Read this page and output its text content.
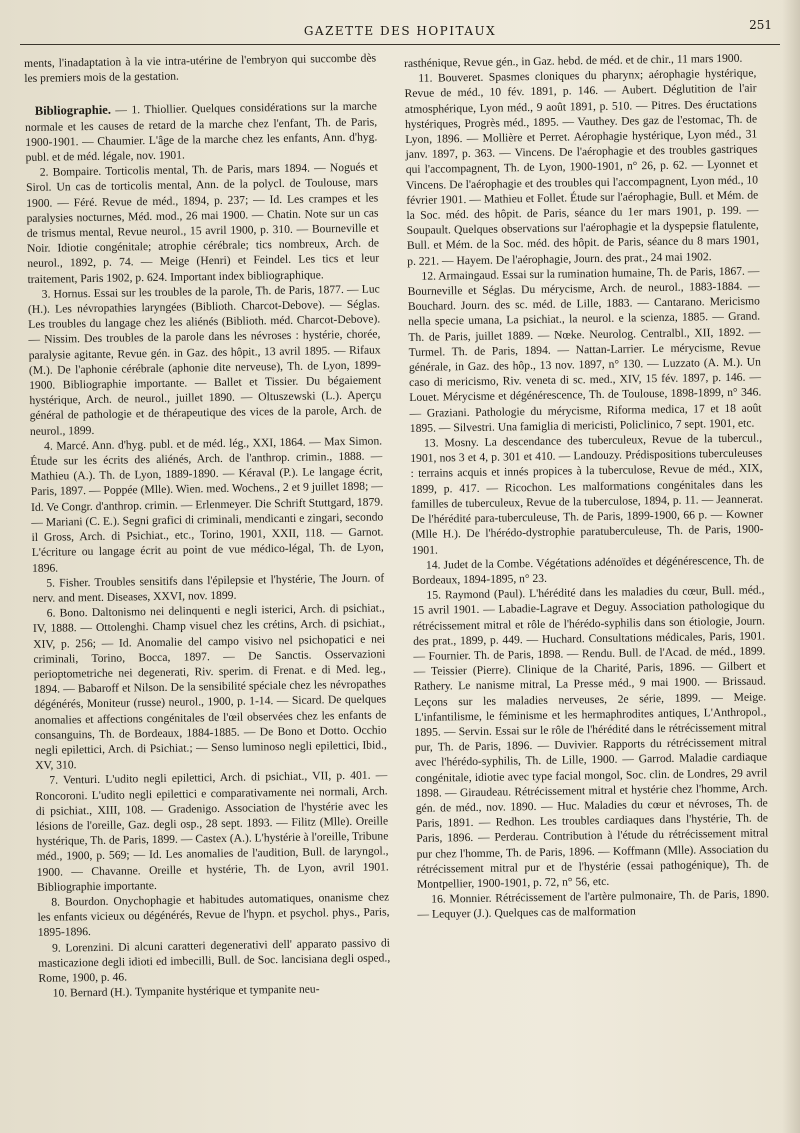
GAZETTE DES HOPITAUX	251

ments, l'inadaptation à la vie intra-utérine de l'embryon qui succombe dès les premiers mois de la gestation.

Bibliographie. — 1. Thiollier. Quelques considérations sur la marche normale et les causes de retard de la marche chez l'enfant, Th. de Paris, 1900-1901. — Chaumier. L'âge de la marche chez les enfants, Ann. d'hyg. publ. et de méd. légale, nov. 1901.

2. Bompaire. Torticolis mental, Th. de Paris, mars 1894. — Nogués et Sirol. Un cas de torticolis mental, Ann. de la polycl. de Toulouse, mars 1900. — Féré. Revue de méd., 1894, p. 237; — Id. Les crampes et les paralysies nocturnes, Méd. mod., 26 mai 1900. — Chatin. Note sur un cas de trismus mental, Revue neurol., 15 avril 1900, p. 310. — Bourneville et Noir. Idiotie congénitale; atrophie cérébrale; tics nombreux, Arch. de neurol., 1892, p. 74. — Meige (Henri) et Feindel. Les tics et leur traitement, Paris 1902, p. 624. Important index bibliographique.

3. Hornus. Essai sur les troubles de la parole, Th. de Paris, 1877. — Luc (H.). Les névropathies laryngées (Biblioth. Charcot-Debove). — Séglas. Les troubles du langage chez les aliénés (Biblioth. méd. Charcot-Debove). — Nissim. Des troubles de la parole dans les névroses : hystérie, chorée, paralysie agitante, Revue gén. in Gaz. des hôpit., 13 avril 1895. — Rifaux (M.). De l'aphonie cérébrale (aphonie dite nerveuse), Th. de Lyon, 1899-1900. Bibliographie importante. — Ballet et Tissier. Du bégaiement hystérique, Arch. de neurol., juillet 1890. — Oltuszewski (L.). Aperçu général de pathologie et de thérapeutique des vices de la parole, Arch. de neurol., 1899.

4. Marcé. Ann. d'hyg. publ. et de méd. lég., XXI, 1864. — Max Simon. Étude sur les écrits des aliénés, Arch. de l'anthrop. crimin., 1888. — Mathieu (A.). Th. de Lyon, 1889-1890. — Kéraval (P.). Le langage écrit, Paris, 1897. — Poppée (Mlle). Wien. med. Wochens., 2 et 9 juillet 1898; — Id. Ve Congr. d'anthrop. crimin. — Erlenmeyer. Die Schrift Stuttgard, 1879. — Mariani (C. E.). Segni grafici di criminali, mendicanti e zingari, secondo il Gross, Arch. di Psichiat., etc., Torino, 1901, XXII, 118. — Garnot. L'écriture ou langage écrit au point de vue médico-légal, Th. de Lyon, 1896.

5. Fisher. Troubles sensitifs dans l'épilepsie et l'hystérie, The Journ. of nerv. and ment. Diseases, XXVI, nov. 1899.

6. Bono. Daltonismo nei delinquenti e negli isterici, Arch. di psichiat., IV, 1888. — Ottolenghi. Champ visuel chez les crétins, Arch. di psichiat., XIV, p. 256; — Id. Anomalie del campo visivo nel psichopatici e nei criminali, Torino, Bocca, 1897. — De Sanctis. Osservazioni perioptometriche nei degenerati, Riv. sperim. di Frenat. e di Med. leg., 1894. — Babaroff et Nilson. De la sensibilité spéciale chez les névropathes dégénérés, Moniteur (russe) neurol., 1900, p. 1-14. — Sicard. De quelques anomalies et affections congénitales de l'œil observées chez les enfants de consanguins, Th. de Bordeaux, 1884-1885. — De Bono et Dotto. Occhio negli epilettici, Arch. di Psichiat.; — Senso luminoso negli epilettici, Ibid., XV, 310.

7. Venturi. L'udito negli epilettici, Arch. di psichiat., VII, p. 401. — Roncoroni. L'udito negli epilettici e comparativamente nei normali, Arch. di psichiat., XIII, 108. — Gradenigo. Association de l'hystérie avec les lésions de l'oreille, Gaz. degli osp., 28 sept. 1893. — Filitz (Mlle). Oreille hystérique, Th. de Paris, 1899. — Castex (A.). L'hystérie à l'oreille, Tribune méd., 1900, p. 569; — Id. Les anomalies de l'audition, Bull. de laryngol., 1900. — Chavanne. Oreille et hystérie, Th. de Lyon, avril 1901. Bibliographie importante.

8. Bourdon. Onychophagie et habitudes automatiques, onanisme chez les enfants vicieux ou dégénérés, Revue de l'hypn. et psychol. phys., Paris, 1895-1896.

9. Lorenzini. Di alcuni caratteri degenerativi dell' apparato passivo di masticazione degli idioti ed imbecilli, Bull. de Soc. lancisiana degli osped., Rome, 1900, p. 46.

10. Bernard (H.). Tympanite hystérique et tympanite neu-

rasthénique, Revue gén., in Gaz. hebd. de méd. et de chir., 11 mars 1900.

11. Bouveret. Spasmes cloniques du pharynx; aérophagie hystérique, Revue de méd., 10 fév. 1891, p. 146. — Aubert. Déglutition de l'air atmosphérique, Lyon méd., 9 août 1891, p. 510. — Pitres. Des éructations hystériques, Progrès méd., 1895. — Vauthey. Des gaz de l'estomac, Th. de Lyon, 1896. — Mollière et Perret. Aérophagie hystérique, Lyon méd., 31 janv. 1897, p. 363. — Vincens. De l'aérophagie et des troubles gastriques qui l'accompagnent, Th. de Lyon, 1900-1901, n° 26, p. 62. — Lyonnet et Vincens. De l'aérophagie et des troubles qui l'accompagnent, Lyon méd., 10 février 1901. — Mathieu et Follet. Étude sur l'aérophagie, Bull. et Mém. de la Soc. méd. des hôpit. de Paris, séance du 1er mars 1901, p. 199. — Soupault. Quelques observations sur l'aérophagie et la dyspepsie flatulente, Bull. et Mém. de la Soc. méd. des hôpit. de Paris, séance du 8 mars 1901, p. 221. — Hayem. De l'aérophagie, Journ. des prat., 24 mai 1902.

12. Armaingaud. Essai sur la rumination humaine, Th. de Paris, 1867. — Bourneville et Séglas. Du mérycisme, Arch. de neurol., 1883-1884. — Bouchard. Journ. des sc. méd. de Lille, 1883. — Cantarano. Mericismo nella specie umana, La psichiat., la neurol. e la scienza, 1885. — Grand. Th. de Paris, juillet 1889. — Nœke. Neurolog. Centralbl., XII, 1892. — Turmel. Th. de Paris, 1894. — Nattan-Larrier. Le mérycisme, Revue générale, in Gaz. des hôp., 13 nov. 1897, n° 130. — Luzzato (A. M.). Un caso di mericismo, Riv. veneta di sc. med., XIV, 15 fév. 1897, p. 146. — Louet. Mérycisme et dégénérescence, Th. de Toulouse, 1898-1899, n° 346. — Graziani. Pathologie du mérycisme, Riforma medica, 17 et 18 août 1895. — Silvestri. Una famiglia di mericisti, Policlinico, 7 sept. 1901, etc.

13. Mosny. La descendance des tuberculeux, Revue de la tubercul., 1901, nos 3 et 4, p. 301 et 410. — Landouzy. Prédispositions tuberculeuses : terrains acquis et innés propices à la tuberculose, Revue de méd., XIX, 1899, p. 417. — Ricochon. Les malformations congénitales dans les familles de tuberculeux, Revue de la tuberculose, 1894, p. 11. — Jeannerat. De l'hérédité para-tuberculeuse, Th. de Paris, 1899-1900, 66 p. — Kowner (Mlle H.). De l'hérédo-dystrophie paratuberculeuse, Th. de Paris, 1900-1901.

14. Judet de la Combe. Végétations adénoïdes et dégénérescence, Th. de Bordeaux, 1894-1895, n° 23.

15. Raymond (Paul). L'hérédité dans les maladies du cœur, Bull. méd., 15 avril 1901. — Labadie-Lagrave et Deguy. Association pathologique du rétrécissement mitral et rôle de l'hérédo-syphilis dans son étiologie, Journ. des prat., 1899, p. 449. — Huchard. Consultations médicales, Paris, 1901. — Fournier. Th. de Paris, 1898. — Rendu. Bull. de l'Acad. de méd., 1899. — Teissier (Pierre). Clinique de la Charité, Paris, 1896. — Gilbert et Rathery. Le nanisme mitral, La Presse méd., 9 mai 1900. — Brissaud. Leçons sur les maladies nerveuses, 2e série, 1899. — Meige. L'infantilisme, le féminisme et les hermaphrodites antiques, L'Anthropol., 1895. — Servin. Essai sur le rôle de l'hérédité dans le rétrécissement mitral pur, Th. de Paris, 1896. — Duvivier. Rapports du rétrécissement mitral avec l'hérédo-syphilis, Th. de Lille, 1900. — Garrod. Maladie cardiaque congénitale, idiotie avec type facial mongol, Soc. clin. de Londres, 29 avril 1898. — Giraudeau. Rétrécissement mitral et hystérie chez l'homme, Arch. gén. de méd., nov. 1890. — Huc. Maladies du cœur et névroses, Th. de Paris, 1891. — Redhon. Les troubles cardiaques dans l'hystérie, Th. de Paris, 1896. — Perderau. Contribution à l'étude du rétrécissement mitral pur chez l'homme, Th. de Paris, 1896. — Koffmann (Mlle). Association du rétrécissement mitral pur et de l'hystérie (essai pathogénique), Th. de Montpellier, 1900-1901, p. 72, n° 56, etc.

16. Monnier. Rétrécissement de l'artère pulmonaire, Th. de Paris, 1890. — Lequyer (J.). Quelques cas de malformation
